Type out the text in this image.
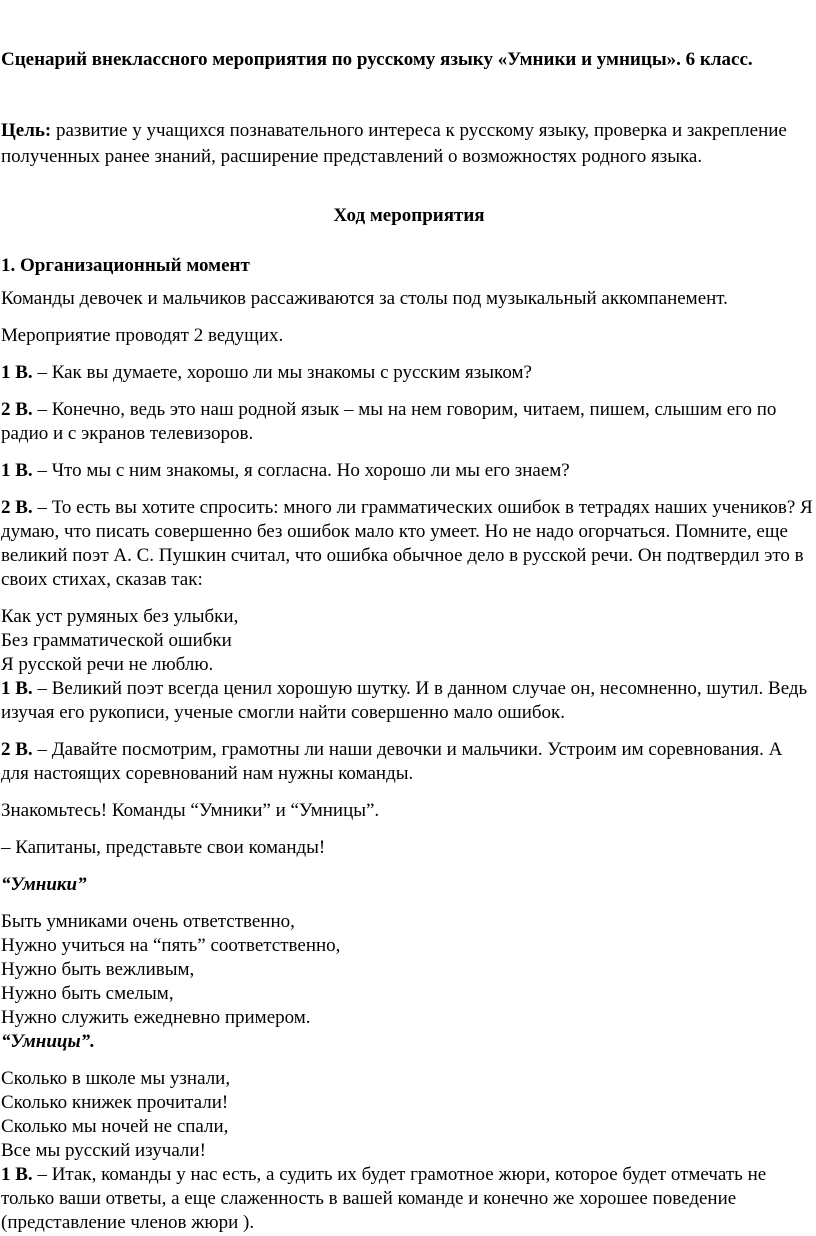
Сценарий внеклассного мероприятия по русскому языку «Умники и умницы». 6 класс.
Цель: развитие у учащихся познавательного интереса к русскому языку, проверка и закрепление полученных ранее знаний, расширение представлений о возможностях родного языка.
Ход мероприятия
1. Организационный момент

Команды девочек и мальчиков рассаживаются за столы под музыкальный аккомпанемент.

Мероприятие проводят 2 ведущих.

1 В. – Как вы думаете, хорошо ли мы знакомы с русским языком?

2 В. – Конечно, ведь это наш родной язык – мы на нем говорим, читаем, пишем, слышим его по радио и с экранов телевизоров.

1 В. – Что мы с ним знакомы, я согласна. Но хорошо ли мы его знаем?

2 В. – То есть вы хотите спросить: много ли грамматических ошибок в тетрадях наших учеников? Я думаю, что писать совершенно без ошибок мало кто умеет. Но не надо огорчаться. Помните, еще великий поэт А. С. Пушкин считал, что ошибка обычное дело в русской речи. Он подтвердил это в своих стихах, сказав так:

Как уст румяных без улыбки,
Без грамматической ошибки
Я русской речи не люблю.

1 В. – Великий поэт всегда ценил хорошую шутку. И в данном случае он, несомненно, шутил. Ведь изучая его рукописи, ученые смогли найти совершенно мало ошибок.

2 В. – Давайте посмотрим, грамотны ли наши девочки и мальчики. Устроим им соревнования. А для настоящих соревнований нам нужны команды.

Знакомьтесь! Команды “Умники” и “Умницы”.

– Капитаны, представьте свои команды!

“Умники”

Быть умниками очень ответственно,
Нужно учиться на “пять” соответственно,
Нужно быть вежливым,
Нужно быть смелым,
Нужно служить ежедневно примером.

“Умницы”.

Сколько в школе мы узнали,
Сколько книжек прочитали!
Сколько мы ночей не спали,
Все мы русский изучали!

1 В. – Итак, команды у нас есть, а судить их будет грамотное жюри, которое будет отмечать не только ваши ответы, а еще слаженность в вашей команде и конечно же хорошее поведение (представление членов жюри ).
